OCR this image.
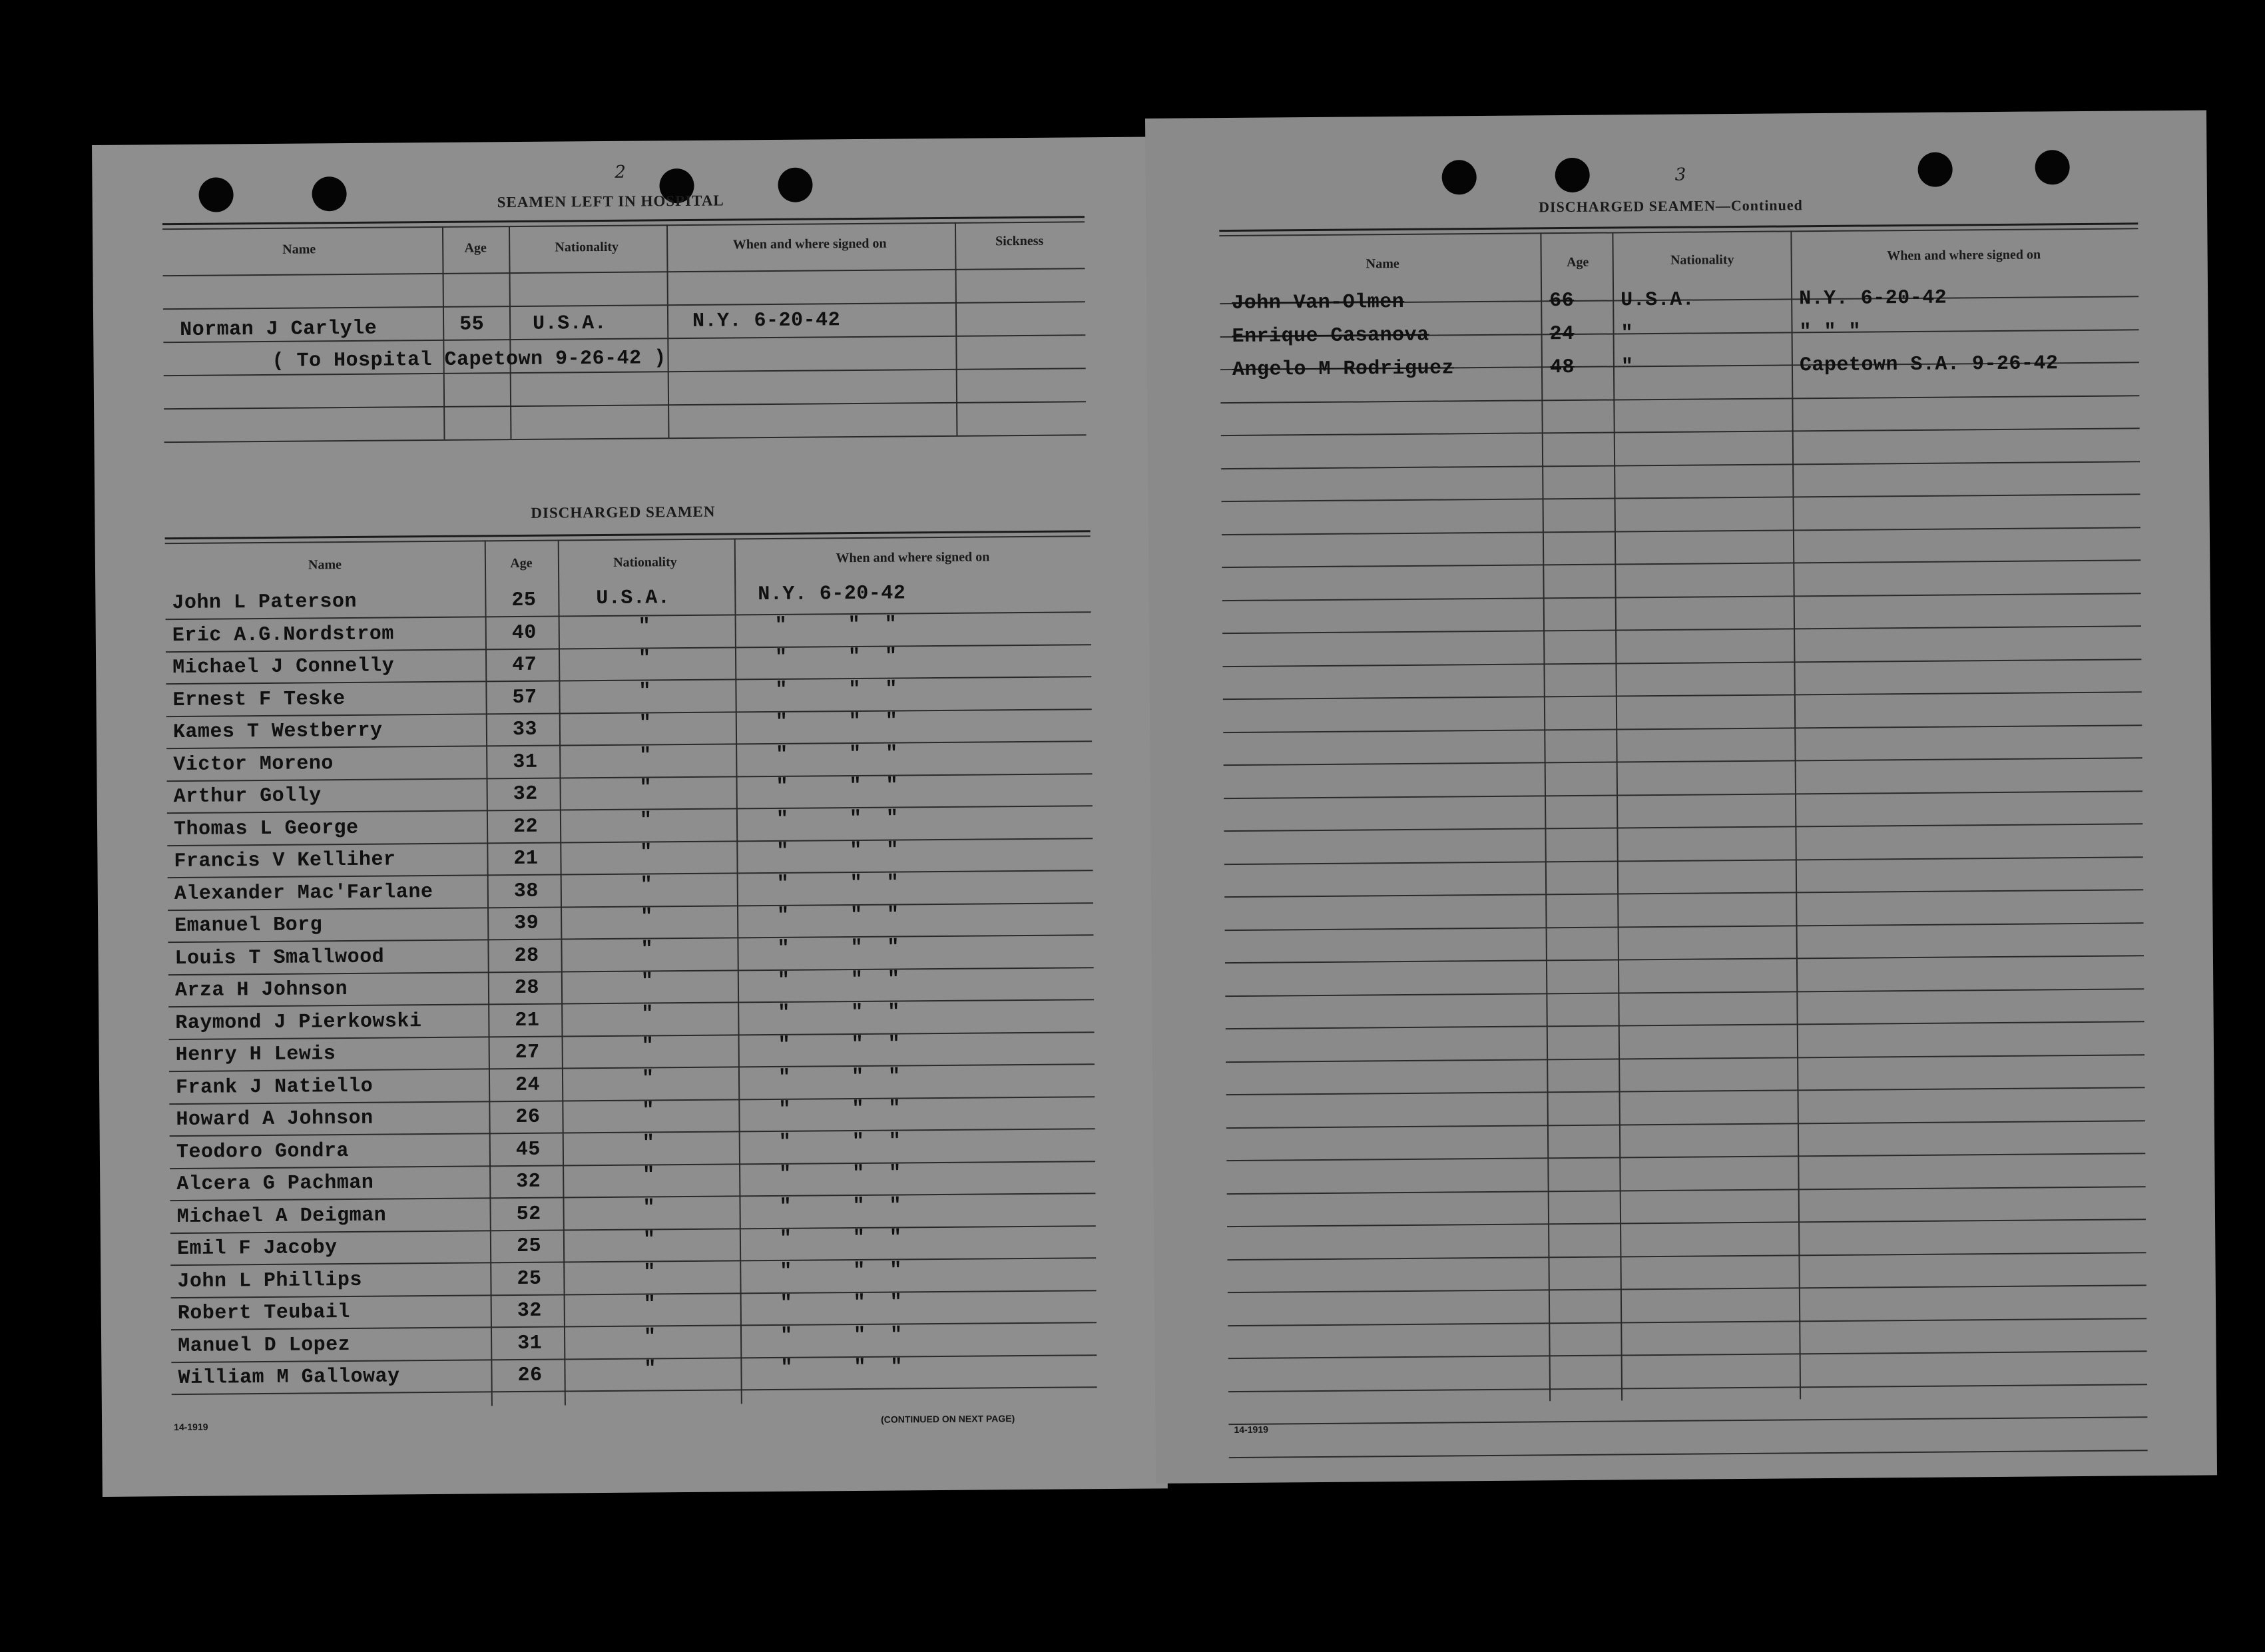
2
SEAMEN LEFT IN HOSPITAL
Name	Age	Nationality	When and where signed on	Sickness
Norman J Carlyle	55 U.S.A.	N.Y. 6-20-42
( To Hospital Capetown 9-26-42 )
DISCHARGED SEAMEN
Name	Age	Nationality	When and where signed on
John L Paterson	25	U.S.A.	N.Y. 6-20-42
Eric A.G.Nordstrom	40	"	"	" "
Michael J Connelly	47	"	"	" "
Ernest F Teske	57	"	"	" "
Kames T Westberry	33	"	"	" "
Victor Moreno	31	"	"	" "
Arthur Golly	32	"	"	" "
Thomas L George	22	"	"	" "
Francis V Kelliher	21	"	"	" "
Alexander Mac'Farlane	38	"	"	" "
Emanuel Borg	39	"	"	" "
Louis T Smallwood	28	"	"	" "
Arza H Johnson	28	"	"	" "
Raymond J Pierkowski	21	"	"	" "
Henry H Lewis	27	"	"	" "
Frank J Natiello	24	"	"	" "
Howard A Johnson	26	"	"	" "
Teodoro Gondra	45	"	"	" "
Alcera G Pachman	32	"	"	" "
Michael A Deigman	52	"	"	" "
Emil F Jacoby	25	"	"	" "
John L Phillips	25	"	"	" "
Robert Teubail	32	"	"	" "
Manuel D Lopez	31	"	"	" "
William M Galloway	26	"	"	" "
14-1919
(CONTINUED ON NEXT PAGE)
3
DISCHARGED SEAMEN—Continued
Name	Age	Nationality	When and where signed on
John Van-Olmen	66 U.S.A.	N.Y. 6-20-42
Enrique Casanova	24 "	" " "
Angelo M Rodriguez	48 "	Capetown S.A. 9-26-42
14-1919
